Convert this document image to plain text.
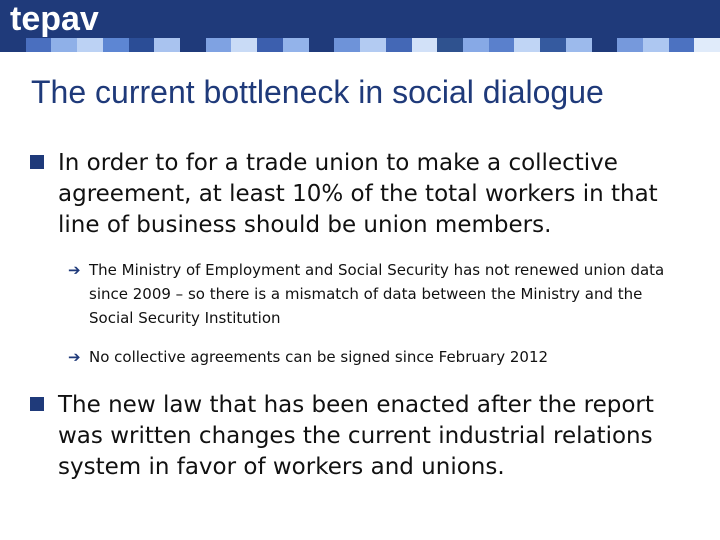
tepav
The current bottleneck in social dialogue
In order to for a trade union to make a collective agreement, at least 10% of the total workers in that line of business should be union members.
➔ The Ministry of Employment and Social Security has not renewed union data since 2009 – so there is a mismatch of data between the Ministry and the Social Security Institution
➔ No collective agreements can be signed since February 2012
The new law that has been enacted after the report was written changes the current industrial relations system in favor of workers and unions.
